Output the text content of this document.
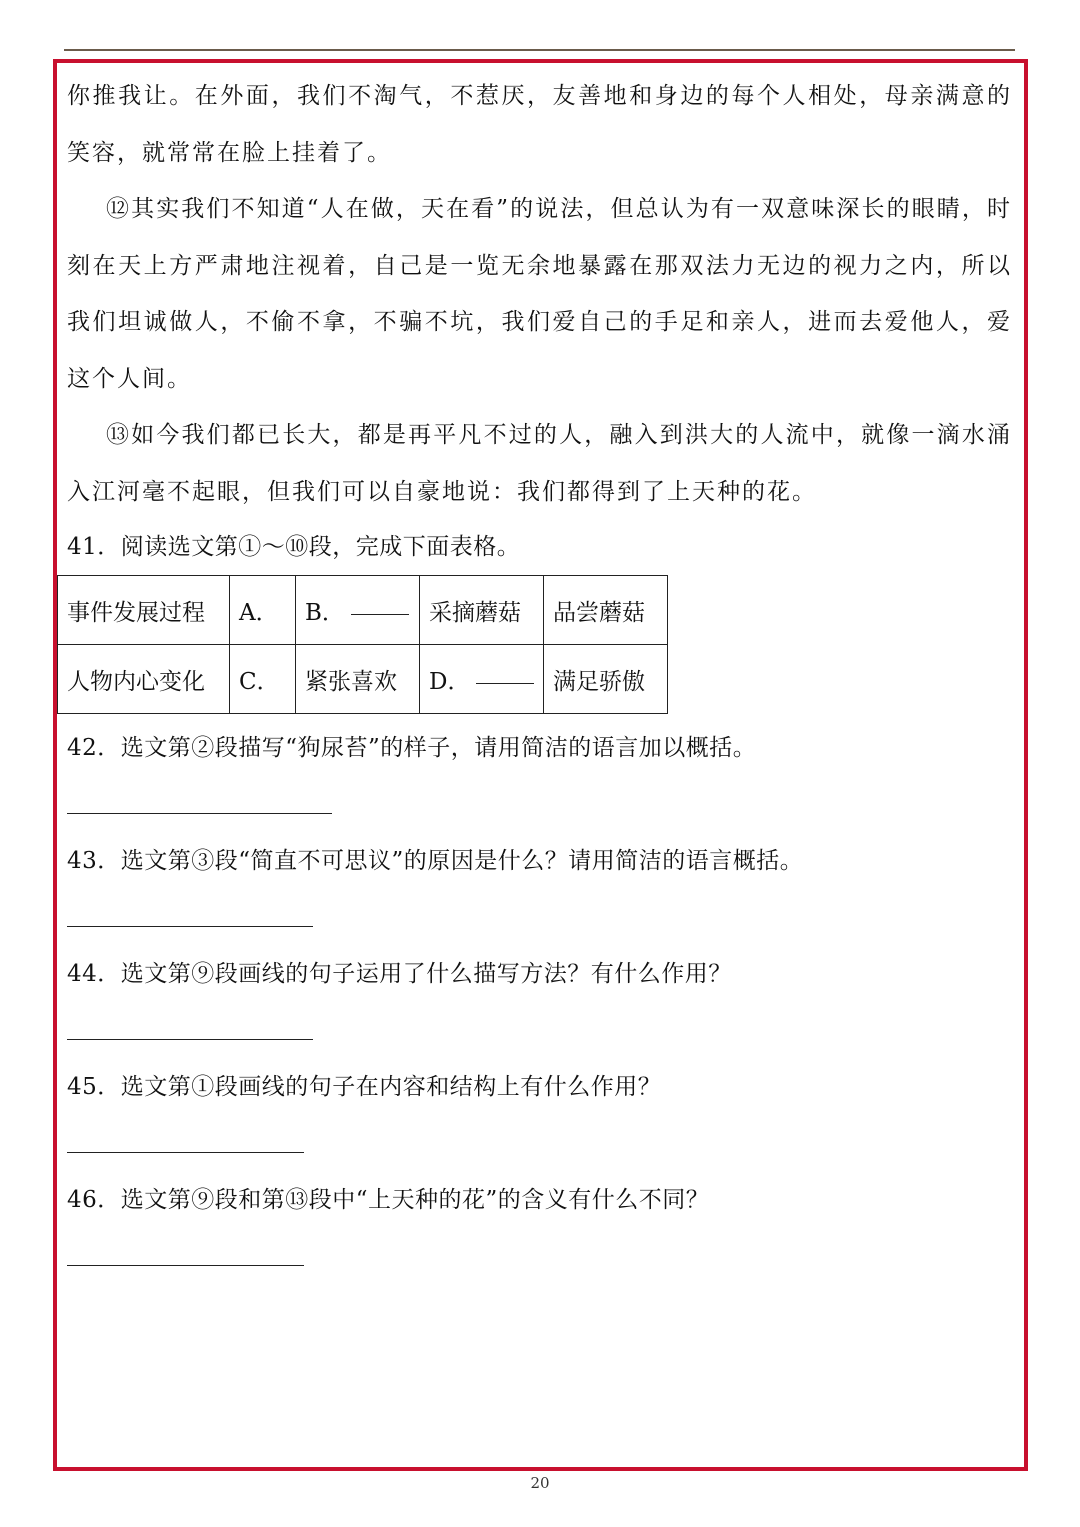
你推我让。在外面，我们不淘气，不惹厌，友善地和身边的每个人相处，母亲满意的笑容，就常常在脸上挂着了。

⑫其实我们不知道“人在做，天在看”的说法，但总认为有一双意味深长的眼睛，时刻在天上方严肃地注视着，自己是一览无余地暴露在那双法力无边的视力之内，所以我们坦诚做人，不偷不拿，不骗不坑，我们爱自己的手足和亲人，进而去爱他人，爱这个人间。

⑬如今我们都已长大，都是再平凡不过的人，融入到洪大的人流中，就像一滴水涌入江河毫不起眼，但我们可以自豪地说：我们都得到了上天种的花。

41．阅读选文第①～⑩段，完成下面表格。
事件发展过程	A．	B．	采摘蘑菇	品尝蘑菇
人物内心变化	C．	紧张喜欢	D．	满足骄傲
42．选文第②段描写“狗尿苔”的样子，请用简洁的语言加以概括。
43．选文第③段“简直不可思议”的原因是什么？请用简洁的语言概括。
44．选文第⑨段画线的句子运用了什么描写方法？有什么作用？
45．选文第①段画线的句子在内容和结构上有什么作用？
46．选文第⑨段和第⑬段中“上天种的花”的含义有什么不同？
20
